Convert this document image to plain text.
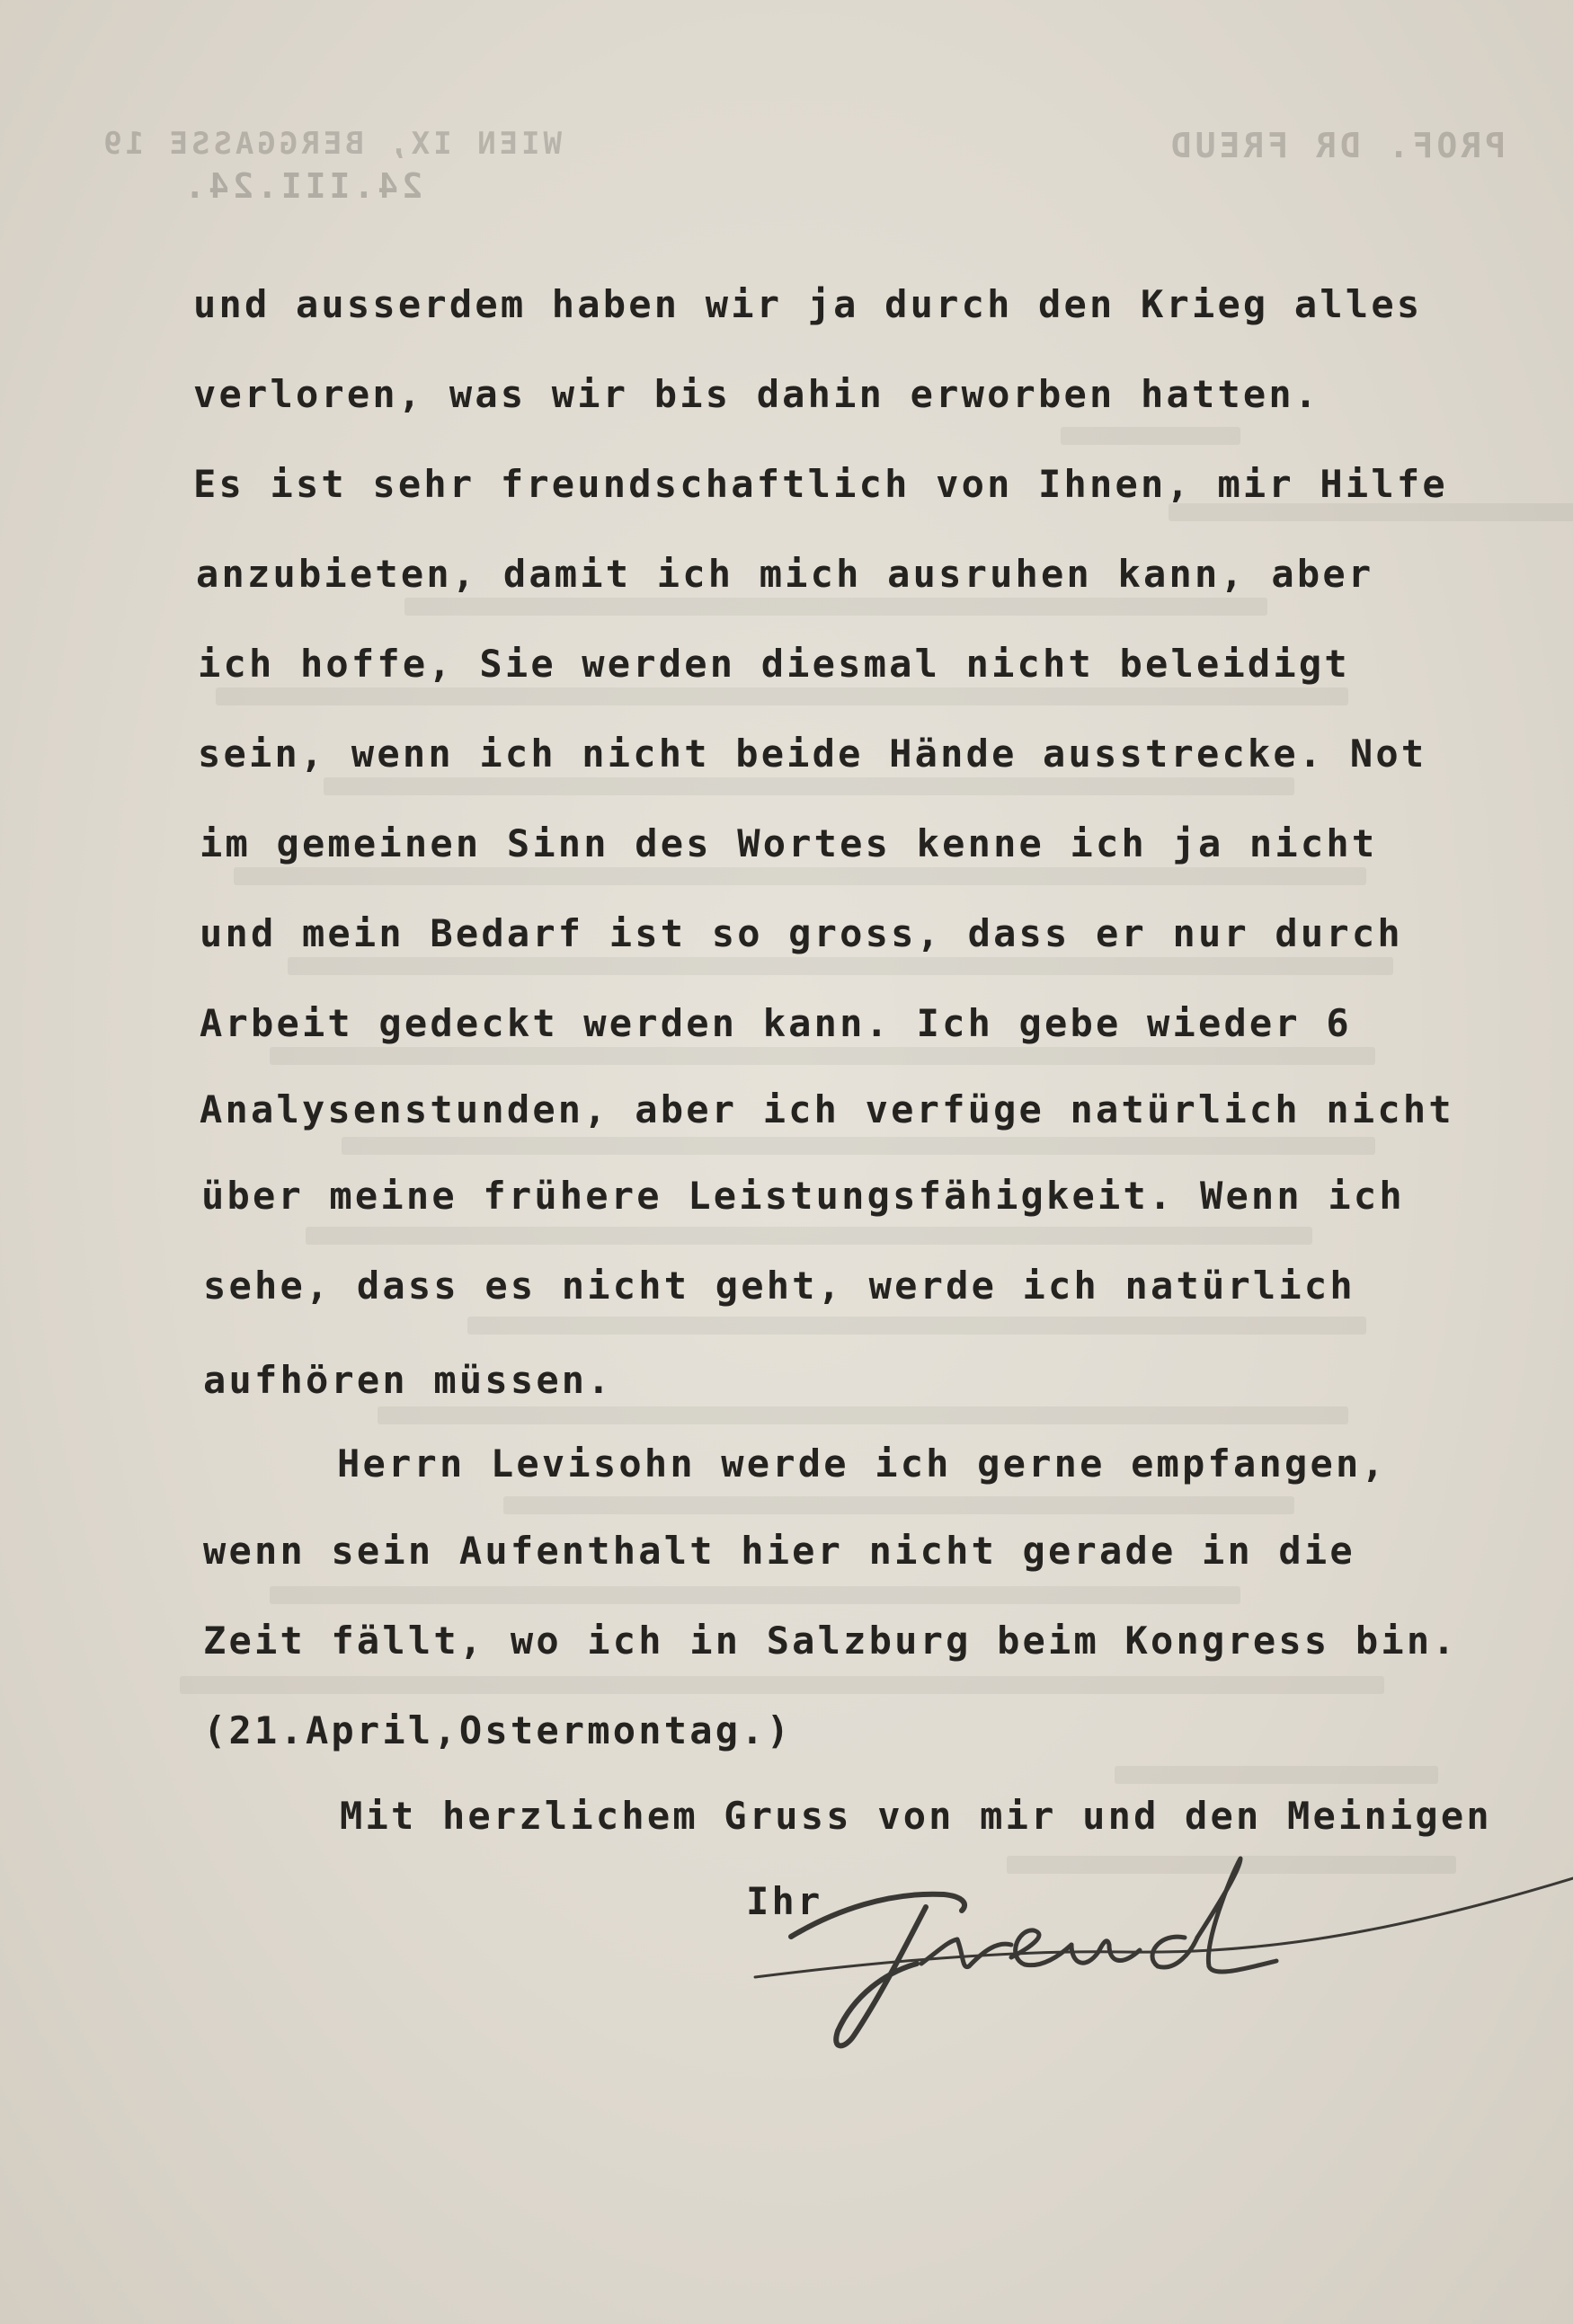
PROF. DR FREUD
WIEN IX, BERGGASSE 19
24.III.24.
und ausserdem haben wir ja durch den Krieg alles
verloren, was wir bis dahin erworben hatten.
Es ist sehr freundschaftlich von Ihnen, mir Hilfe
anzubieten, damit ich mich ausruhen kann, aber
ich hoffe, Sie werden diesmal nicht beleidigt
sein, wenn ich nicht beide Hände ausstrecke. Not
im gemeinen Sinn des Wortes kenne ich ja nicht
und mein Bedarf ist so gross, dass er nur durch
Arbeit gedeckt werden kann. Ich gebe wieder 6
Analysenstunden, aber ich verfüge natürlich nicht
über meine frühere Leistungsfähigkeit. Wenn ich
sehe, dass es nicht geht, werde ich natürlich
aufhören müssen.
Herrn Levisohn werde ich gerne empfangen,
wenn sein Aufenthalt hier nicht gerade in die
Zeit fällt, wo ich in Salzburg beim Kongress bin.
(21.April,Ostermontag.)
Mit herzlichem Gruss von mir und den Meinigen
Ihr
